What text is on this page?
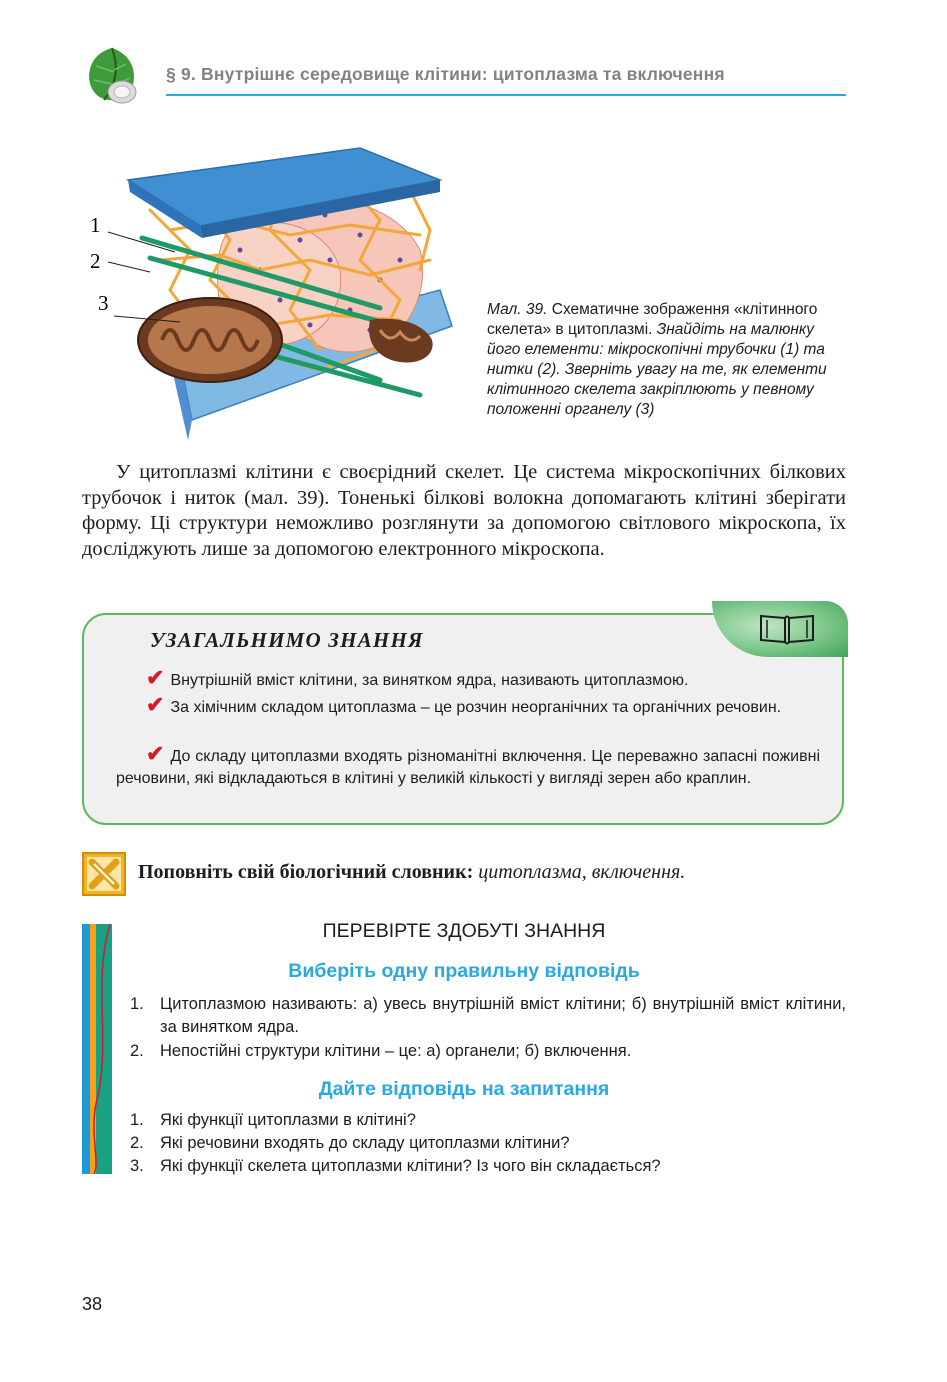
§ 9. Внутрішнє середовище клітини: цитоплазма та включення
1
2
3	Мал. 39. Схематичне зображення «клітинного скелета» в цитоплазмі. Знайдіть на малюнку його елементи: мікроскопічні трубочки (1) та нитки (2). Зверніть увагу на те, як елементи клітинного скелета закріплюють у певному положенні органелу (3)
У цитоплазмі клітини є своєрідний скелет. Це система мікроскопічних білкових трубочок і ниток (мал. 39). Тоненькі білкові волокна допомагають клітині зберігати форму. Ці структури неможливо розглянути за допомогою світлового мікроскопа, їх досліджують лише за допомогою електронного мікроскопа.
УЗАГАЛЬНИМО ЗНАННЯ
✔ Внутрішній вміст клітини, за винятком ядра, називають цитоплазмою.
✔ За хімічним складом цитоплазма – це розчин неорганічних та органічних речовин.
✔ До складу цитоплазми входять різноманітні включення. Це переважно запасні поживні речовини, які відкладаються в клітині у великій кількості у вигляді зерен або краплин.
Поповніть свій біологічний словник: цитоплазма, включення.
ПЕРЕВІРТЕ ЗДОБУТІ ЗНАННЯ
Виберіть одну правильну відповідь
1. Цитоплазмою називають: а) увесь внутрішній вміст клітини; б) внутрішній вміст клітини, за винятком ядра.
2. Непостійні структури клітини – це: а) органели; б) включення.
Дайте відповідь на запитання
1. Які функції цитоплазми в клітині?
2. Які речовини входять до складу цитоплазми клітини?
3. Які функції скелета цитоплазми клітини? Із чого він складається?
38
